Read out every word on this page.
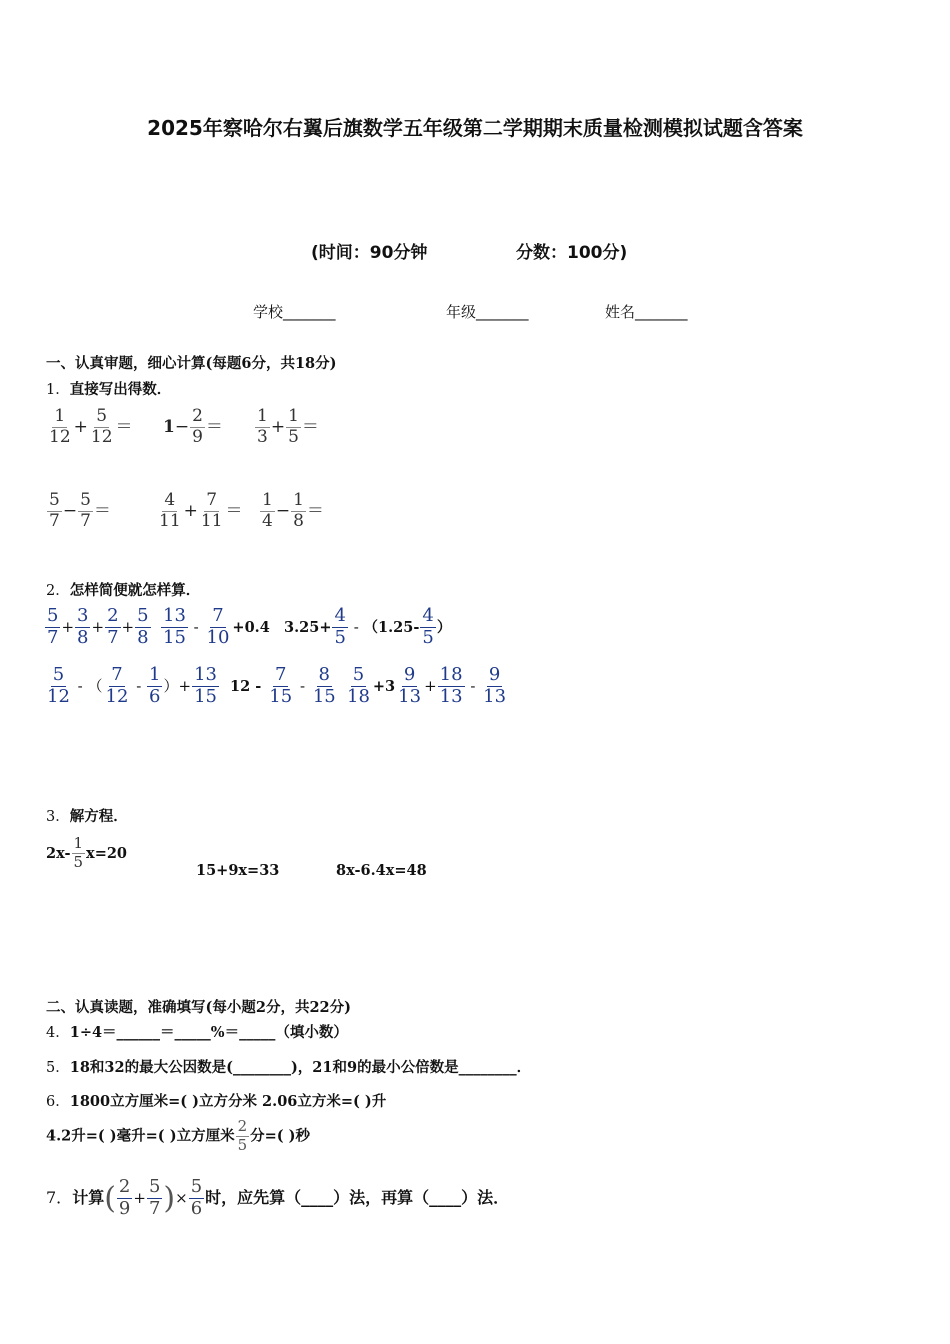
2025年察哈尔右翼后旗数学五年级第二学期期末质量检测模拟试题含答案
(时间：90分钟	分数：100分)
学校_______	年级_______	姓名_______
一、认真审题，细心计算(每题6分，共18分)
1．直接写出得数．
$\frac{1}{12} + \frac{5}{12} = 1- \frac{2}{9} = \frac{1}{3} + \frac{1}{5}$ ＝
$\frac{5}{7} - \frac{5}{7}$ ＝	$\frac{4}{11} + \frac{7}{11} = \frac{1}{4} - \frac{1}{8}$ ＝
2．怎样简便就怎样算．
$\frac{5}{7} + \frac{3}{8} + \frac{2}{7} + \frac{5}{8} \frac{13}{15} - \frac{7}{10} +0.4$ $3.25+ \frac{4}{5} - (1.25- \frac{4}{5}$ ）
$\frac{5}{12}$ - （ $\frac{7}{12} - \frac{1}{6}$ ）+ $\frac{13}{15} 12 - \frac{7}{15} - \frac{8}{15} \frac{5}{18} +3 \frac{9}{13} + \frac{18}{13} - \frac{9}{13}$
3．解方程．
$2x- \frac{1}{5} x=20$
15+9x=33	8x-6.4x=48
二、认真读题，准确填写(每小题2分，共22分)
4．1÷4＝______＝_____%＝_____（填小数）
5．18和32的最大公因数是(________)，21和9的最小公倍数是________．
6．1800立方厘米=( )立方分米 2.06立方米=( )升
4.2升=( )毫升=( )立方厘米 $\frac{2}{5}$ 分=( )秒
7．计算( $\frac{2}{9} + \frac{5}{7}$ )× $\frac{5}{6}$ 时，应先算（____）法，再算（____）法．
